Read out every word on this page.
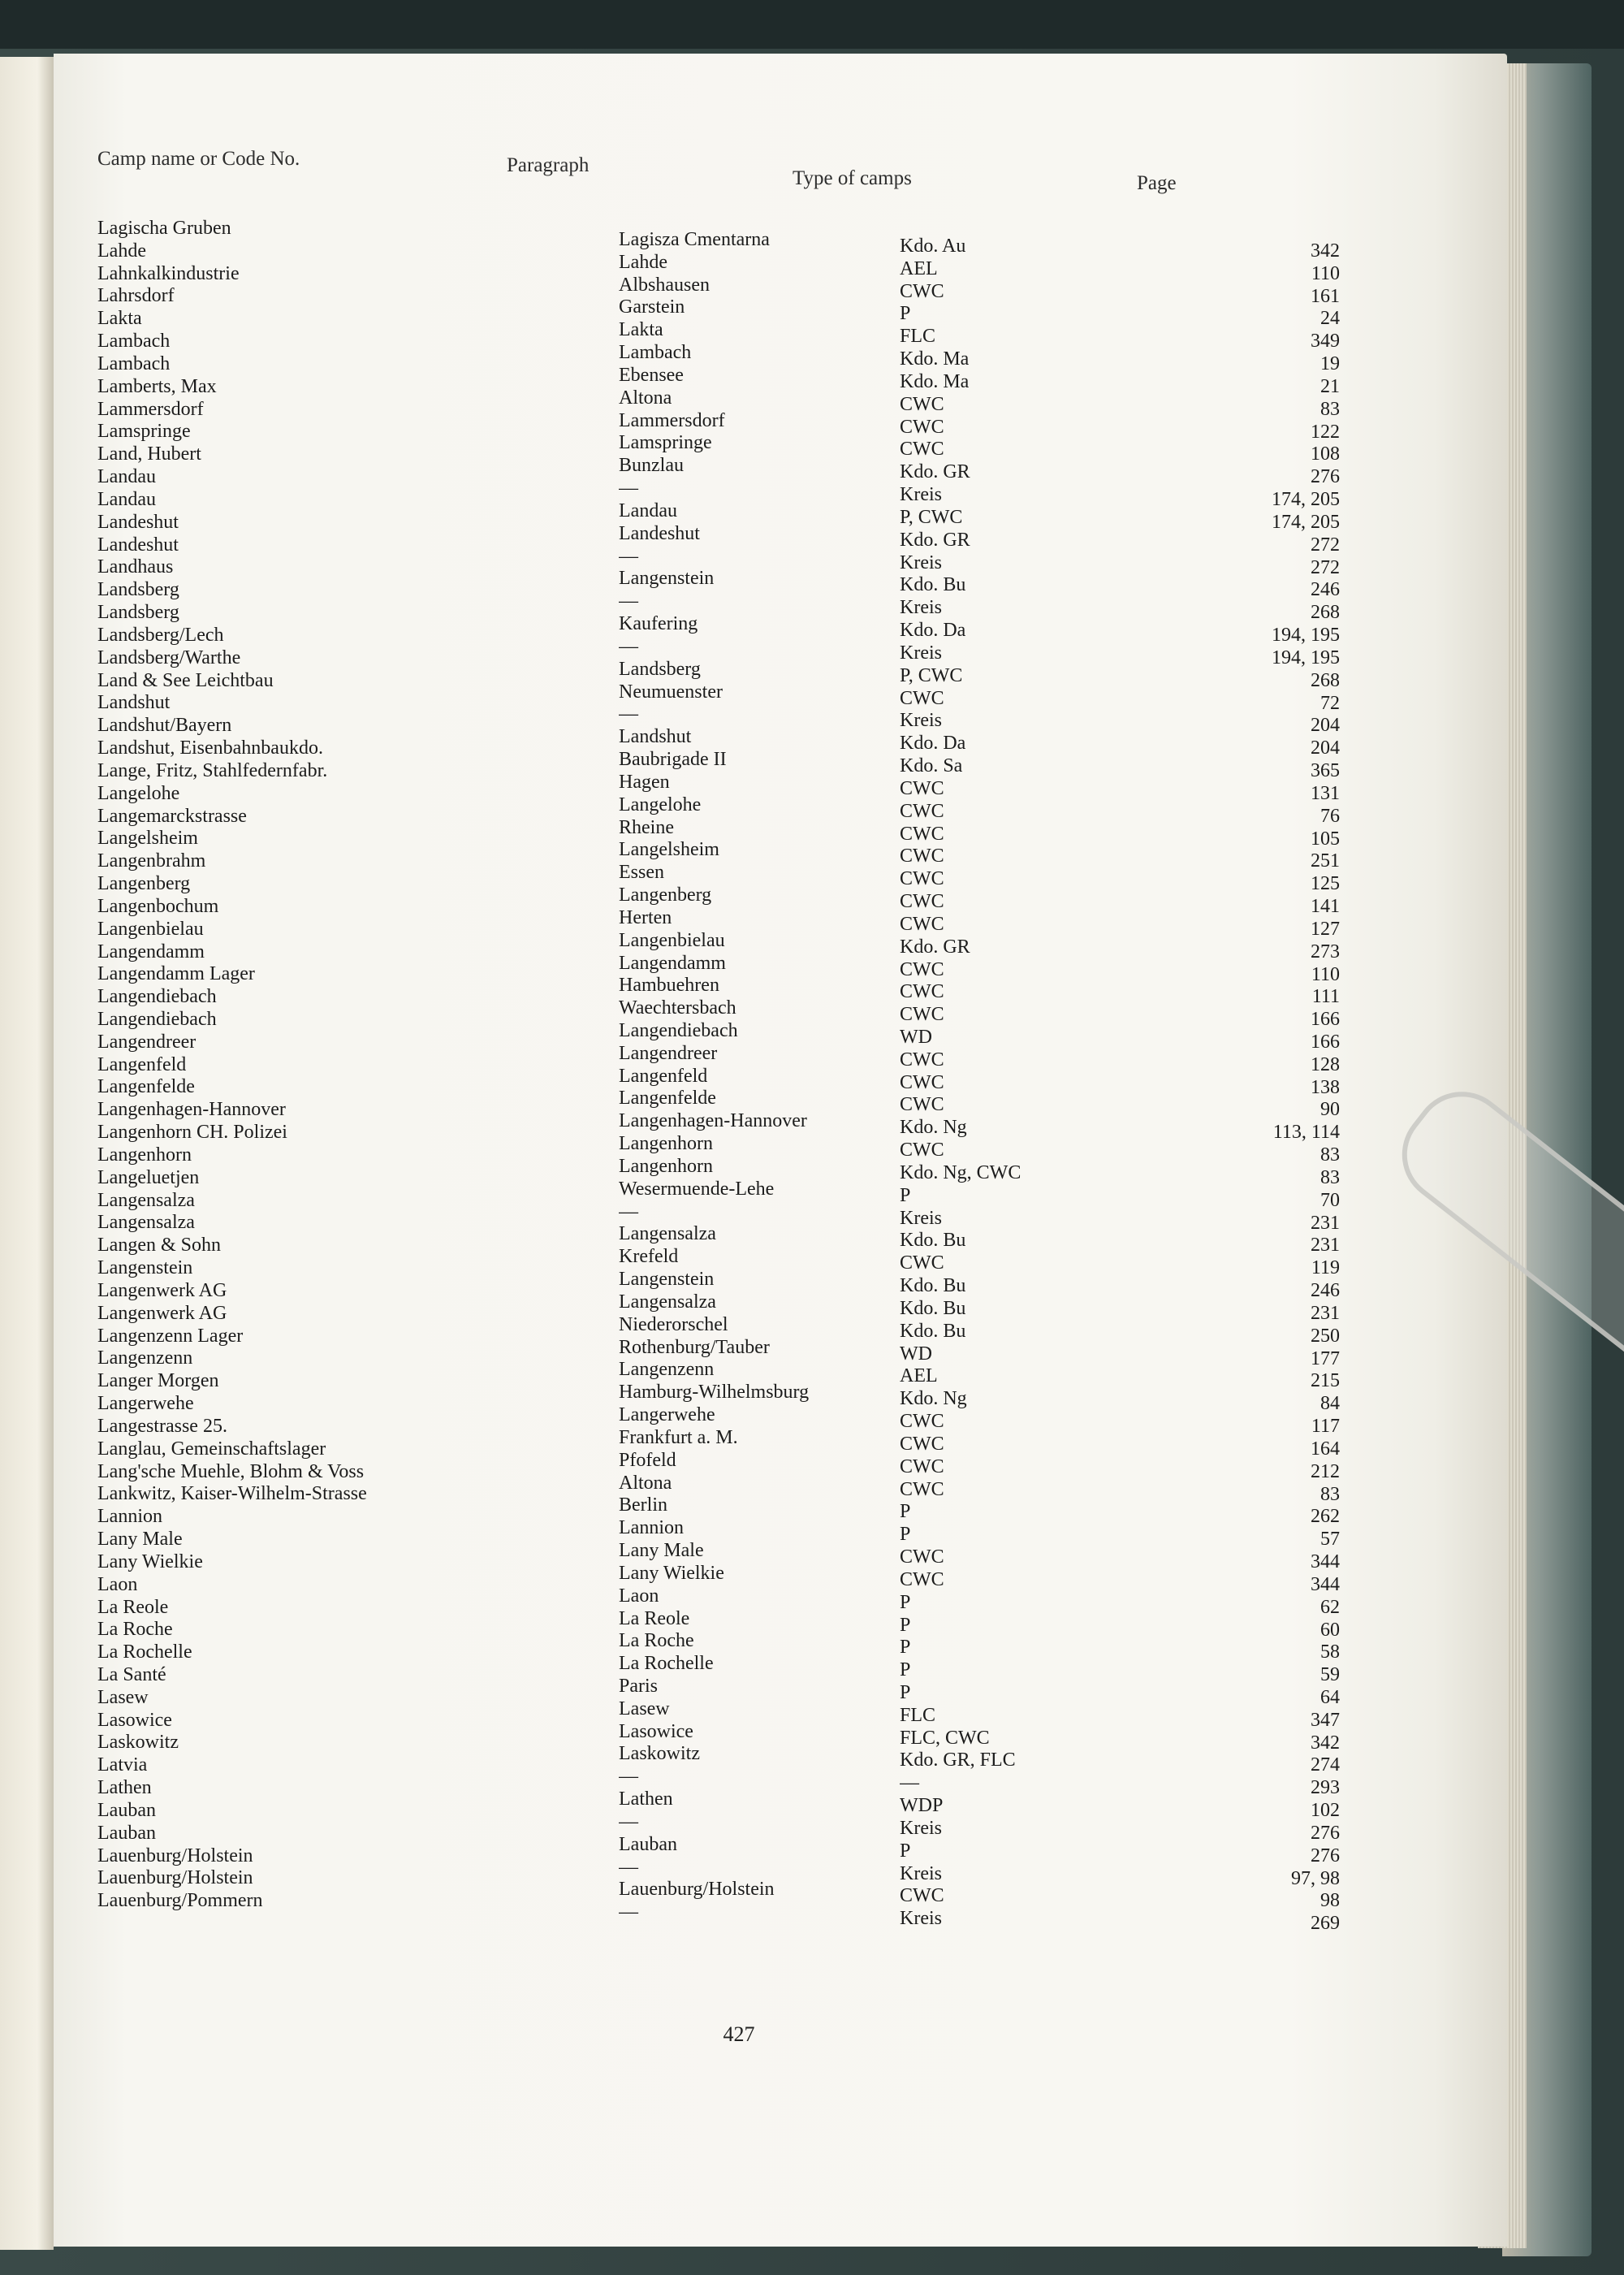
Camp name or Code No.	Paragraph
Type of camps	Page
Lagischa Gruben
Lahde
Lahnkalkindustrie
Lahrsdorf
Lakta
Lambach
Lambach
Lamberts, Max
Lammersdorf
Lamspringe
Land, Hubert
Landau
Landau
Landeshut
Landeshut
Landhaus
Landsberg
Landsberg
Landsberg/Lech
Landsberg/Warthe
Land & See Leichtbau
Landshut
Landshut/Bayern
Landshut, Eisenbahnbaukdo.
Lange, Fritz, Stahlfedernfabr.
Langelohe
Langemarckstrasse
Langelsheim
Langenbrahm
Langenberg
Langenbochum
Langenbielau
Langendamm
Langendamm Lager
Langendiebach
Langendiebach
Langendreer
Langenfeld
Langenfelde
Langenhagen-Hannover
Langenhorn CH. Polizei
Langenhorn
Langeluetjen
Langensalza
Langensalza
Langen & Sohn
Langenstein
Langenwerk AG
Langenwerk AG
Langenzenn Lager
Langenzenn
Langer Morgen
Langerwehe
Langestrasse 25.
Langlau, Gemeinschaftslager
Lang'sche Muehle, Blohm & Voss
Lankwitz, Kaiser-Wilhelm-Strasse
Lannion
Lany Male
Lany Wielkie
Laon
La Reole
La Roche
La Rochelle
La Santé
Lasew
Lasowice
Laskowitz
Latvia
Lathen
Lauban
Lauban
Lauenburg/Holstein
Lauenburg/Holstein
Lauenburg/Pommern
Lagisza Cmentarna
Lahde
Albshausen
Garstein
Lakta
Lambach
Ebensee
Altona
Lammersdorf
Lamspringe
Bunzlau
—
Landau
Landeshut
—
Langenstein
—
Kaufering
—
Landsberg
Neumuenster
—
Landshut
Baubrigade II
Hagen
Langelohe
Rheine
Langelsheim
Essen
Langenberg
Herten
Langenbielau
Langendamm
Hambuehren
Waechtersbach
Langendiebach
Langendreer
Langenfeld
Langenfelde
Langenhagen-Hannover
Langenhorn
Langenhorn
Wesermuende-Lehe
—
Langensalza
Krefeld
Langenstein
Langensalza
Niederorschel
Rothenburg/Tauber
Langenzenn
Hamburg-Wilhelmsburg
Langerwehe
Frankfurt a. M.
Pfofeld
Altona
Berlin
Lannion
Lany Male
Lany Wielkie
Laon
La Reole
La Roche
La Rochelle
Paris
Lasew
Lasowice
Laskowitz
—
Lathen
—
Lauban
—
Lauenburg/Holstein
—
Kdo. Au
AEL
CWC
P
FLC
Kdo. Ma
Kdo. Ma
CWC
CWC
CWC
Kdo. GR
Kreis
P, CWC
Kdo. GR
Kreis
Kdo. Bu
Kreis
Kdo. Da
Kreis
P, CWC
CWC
Kreis
Kdo. Da
Kdo. Sa
CWC
CWC
CWC
CWC
CWC
CWC
CWC
Kdo. GR
CWC
CWC
CWC
WD
CWC
CWC
CWC
Kdo. Ng
CWC
Kdo. Ng, CWC
P
Kreis
Kdo. Bu
CWC
Kdo. Bu
Kdo. Bu
Kdo. Bu
WD
AEL
Kdo. Ng
CWC
CWC
CWC
CWC
P
P
CWC
CWC
P
P
P
P
P
FLC
FLC, CWC
Kdo. GR, FLC
—
WDP
Kreis
P
Kreis
CWC
Kreis
342
110
161
24
349
19
21
83
122
108
276
174, 205
174, 205
272
272
246
268
194, 195
194, 195
268
72
204
204
365
131
76
105
251
125
141
127
273
110
111
166
166
128
138
90
113, 114
83
83
70
231
231
119
246
231
250
177
215
84
117
164
212
83
262
57
344
344
62
60
58
59
64
347
342
274
293
102
276
276
97, 98
98
269
427
